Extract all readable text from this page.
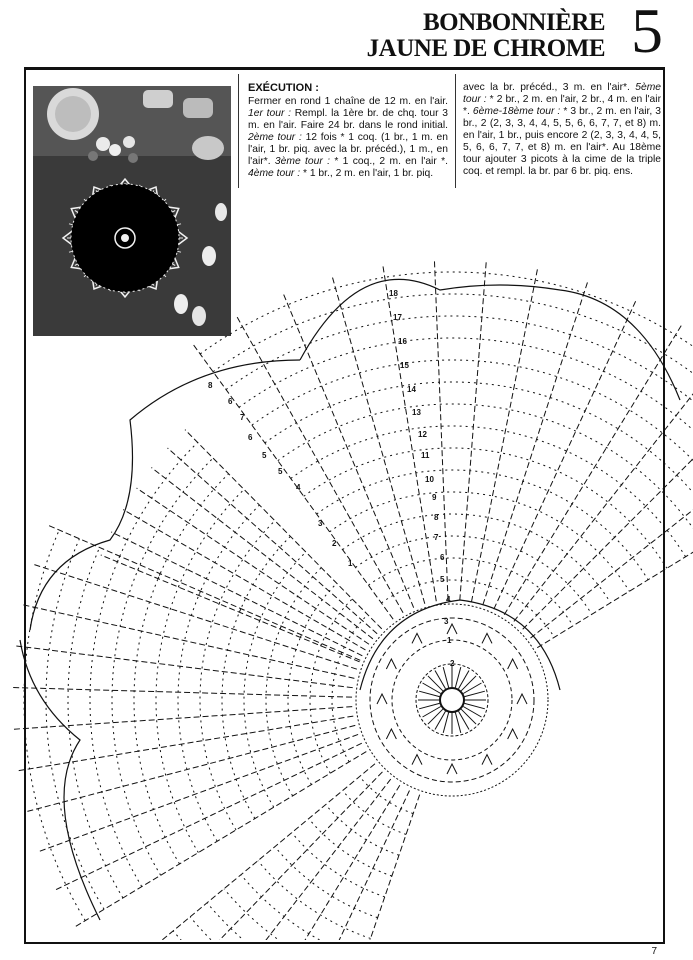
BONBONNIÈRE
JAUNE DE CHROME 5
EXÉCUTION :
Fermer en rond 1 chaîne de 12 m. en l'air. 1er tour : Rempl. la 1ère br. de chq. tour 3 m. en l'air. Faire 24 br. dans le rond initial. 2ème tour : 12 fois * 1 coq. (1 br., 1 m. en l'air, 1 br. piq. avec la br. précéd.), 1 m., en l'air*. 3ème tour : * 1 coq., 2 m. en l'air *. 4ème tour : * 1 br., 2 m. en l'air, 1 br. piq.
avec la br. précéd., 3 m. en l'air*. 5ème tour : * 2 br., 2 m. en l'air, 2 br., 4 m. en l'air *. 6ème-18ème tour : * 3 br., 2 m. en l'air, 3 br., 2 (2, 3, 3, 4, 4, 5, 5, 6, 6, 7, 7, et 8) m. en l'air, 1 br., puis encore 2 (2, 3, 3, 4, 4, 5, 5, 6, 6, 7, 7, et 8) m. en l'air*. Au 18ème tour ajouter 3 picots à la cime de la triple coq. et rempl. la br. par 6 br. piq. ens.
1
2
3
4
5
6
7
8
9
10
11
12
13
14
15
16
17
18
1
2
3
4
5
5
6
6
7
8
7
